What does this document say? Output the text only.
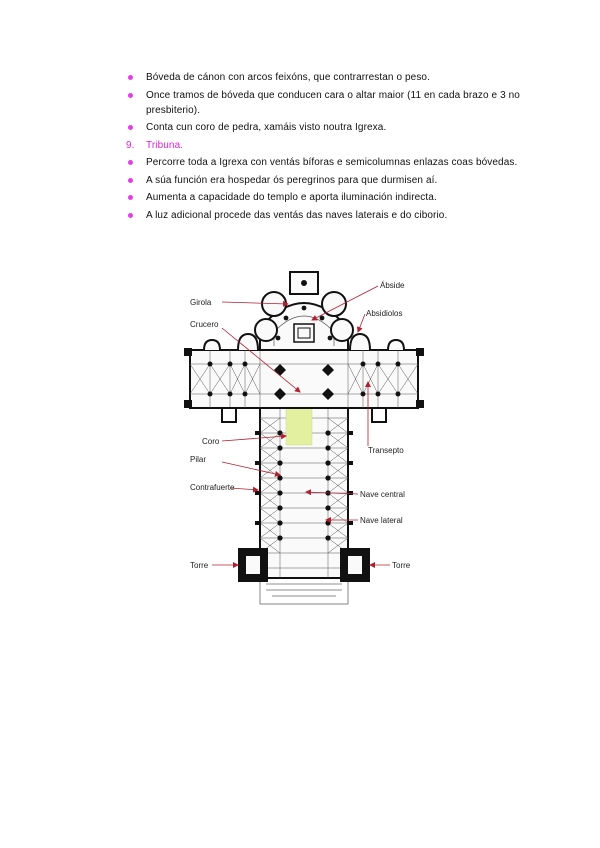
Bóveda de cánon con arcos feixóns, que contrarrestan o peso.
Once tramos de bóveda que conducen cara o altar maior (11 en cada brazo e 3 no presbiterio).
Conta cun coro de pedra, xamáis visto noutra Igrexa.
9. Tribuna.
Percorre toda a Igrexa con ventás bíforas e semicolumnas enlazas coas bóvedas.
A súa función era hospedar ós peregrinos para que durmisen aí.
Aumenta a capacidade do templo e aporta iluminación indirecta.
A luz adicional procede das ventás das naves laterais e do ciborio.
Ábside
Absidiolos
Girola
Crucero
Coro
Transepto
Pilar
Contrafuerte
Nave central
Nave lateral
Torre	Torre
